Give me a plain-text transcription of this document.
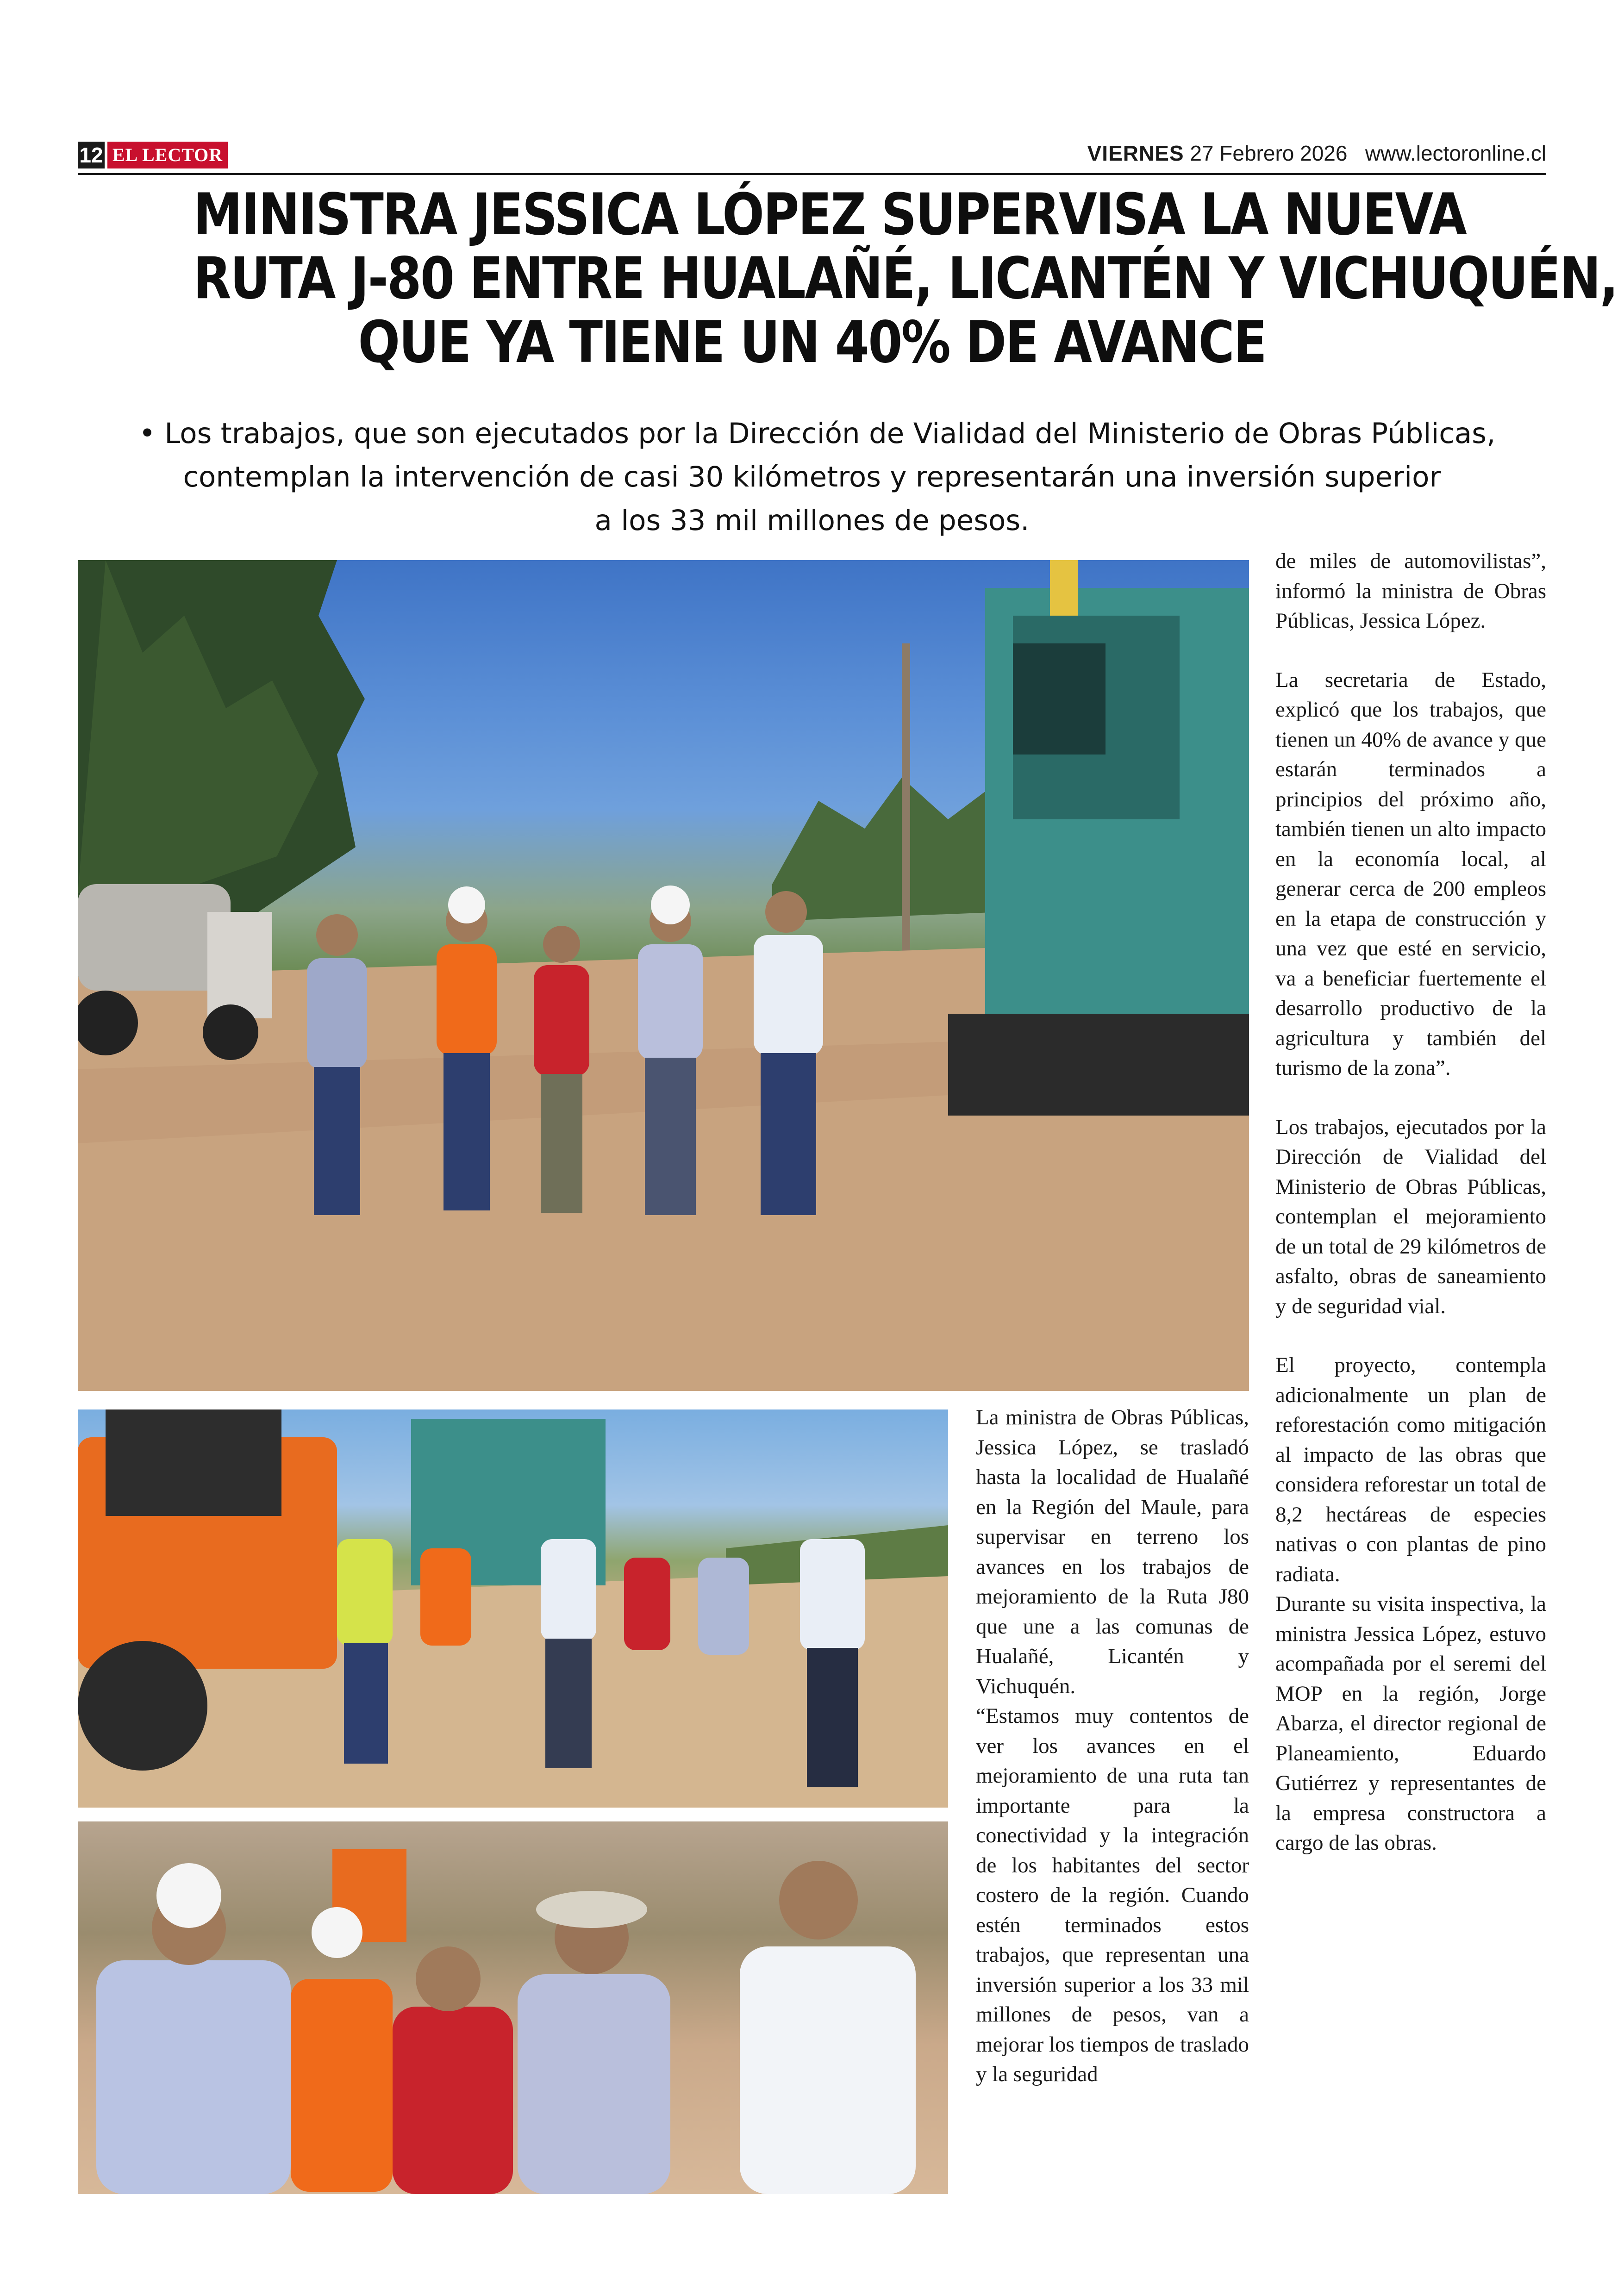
12 EL LECTOR	VIERNES 27 Febrero 2026 www.lectoronline.cl
MINISTRA JESSICA LÓPEZ SUPERVISA LA NUEVA
RUTA J-80 ENTRE HUALAÑÉ, LICANTÉN Y VICHUQUÉN,
QUE YA TIENE UN 40% DE AVANCE
• Los trabajos, que son ejecutados por la Dirección de Vialidad del Ministerio de Obras Públicas,
contemplan la intervención de casi 30 kilómetros y representarán una inversión superior
a los 33 mil millones de pesos.

de miles de automovilistas”, informó la ministra de Obras Públicas, Jessica López.

La secretaria de Estado, explicó que los trabajos, que tienen un 40% de avance y que estarán terminados a principios del próximo año, también tienen un alto impacto en la economía local, al generar cerca de 200 empleos en la etapa de construcción y una vez que esté en servicio, va a beneficiar fuertemente el desarrollo productivo de la agricultura y también del turismo de la zona”.

Los trabajos, ejecutados por la Dirección de Vialidad del Ministerio de Obras Públicas, contemplan el mejoramiento de un total de 29 kilómetros de asfalto, obras de saneamiento y de seguridad vial.

El proyecto, contempla adicionalmente un plan de reforestación como mitigación al impacto de las obras que considera reforestar un total de 8,2 hectáreas de especies nativas o con plantas de pino radiata.

Durante su visita inspectiva, la ministra Jessica López, estuvo acompañada por el seremi del MOP en la región, Jorge Abarza, el director regional de Planeamiento, Eduardo Gutiérrez y representantes de la empresa constructora a cargo de las obras.

La ministra de Obras Públicas, Jessica López, se trasladó hasta la localidad de Hualañé en la Región del Maule, para supervisar en terreno los avances en los trabajos de mejoramiento de la Ruta J80 que une a las comunas de Hualañé, Licantén y Vichuquén.

“Estamos muy contentos de ver los avances en el mejoramiento de una ruta tan importante para la conectividad y la integración de los habitantes del sector costero de la región. Cuando estén terminados estos trabajos, que representan una inversión superior a los 33 mil millones de pesos, van a mejorar los tiempos de traslado y la seguridad
